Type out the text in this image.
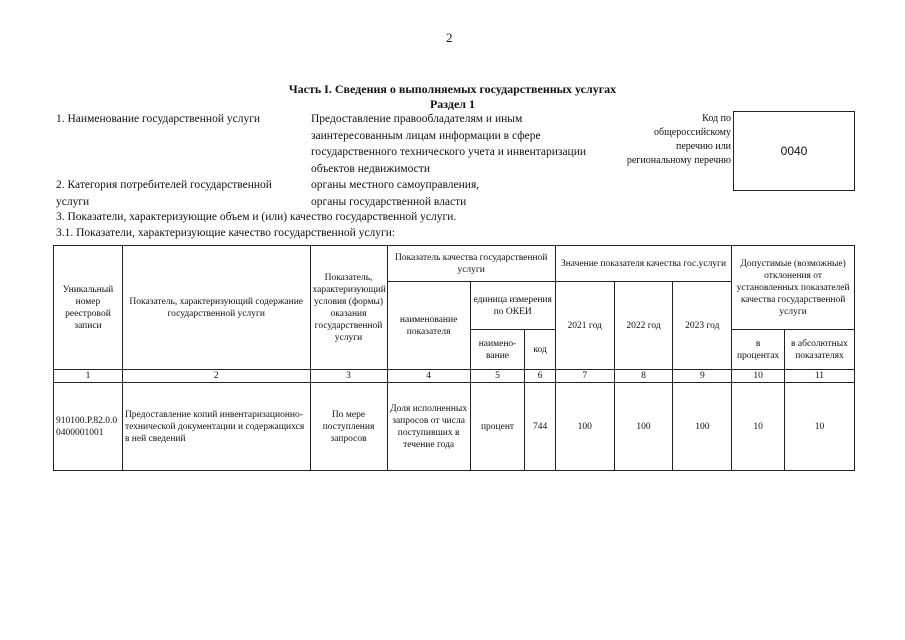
2
Часть I. Сведения о выполняемых государственных услугах
Раздел 1
1. Наименование государственной услуги	Предоставление правообладателям и иным
заинтересованным лицам информации в сфере
государственного технического учета и инвентаризации
объектов недвижимости
Код по
общероссийскому
перечню или
региональному перечню
0040
2. Категория потребителей государственной
услуги
органы местного самоуправления,
органы государственной власти
3. Показатели, характеризующие объем и (или) качество государственной услуги.
3.1. Показатели, характеризующие качество государственной услуги:
Уникальный номер реестровой записи	Показатель, характеризующий содержание государственной услуги	Показатель, характеризующий условия (формы) оказания государственной услуги	Показатель качества государственной услуги			Значение показателя качества гос.услуги			Допустимые (возможные) отклонения от установленных показателей качества государственной услуги	
			наименование показателя	единица измерения по ОКЕИ		2021 год	2022 год	2023 год		
				наимено-вание	код				в процентах	в абсолютных показателях
1	2	3	4	5	6	7	8	9	10	11
910100.Р.82.0.00400001001	Предоставление копий инвентаризационно-технической документации и содержащихся в ней сведений	По мере поступления запросов	Доля исполненных запросов от числа поступивших в течение года	процент	744	100	100	100	10	10
